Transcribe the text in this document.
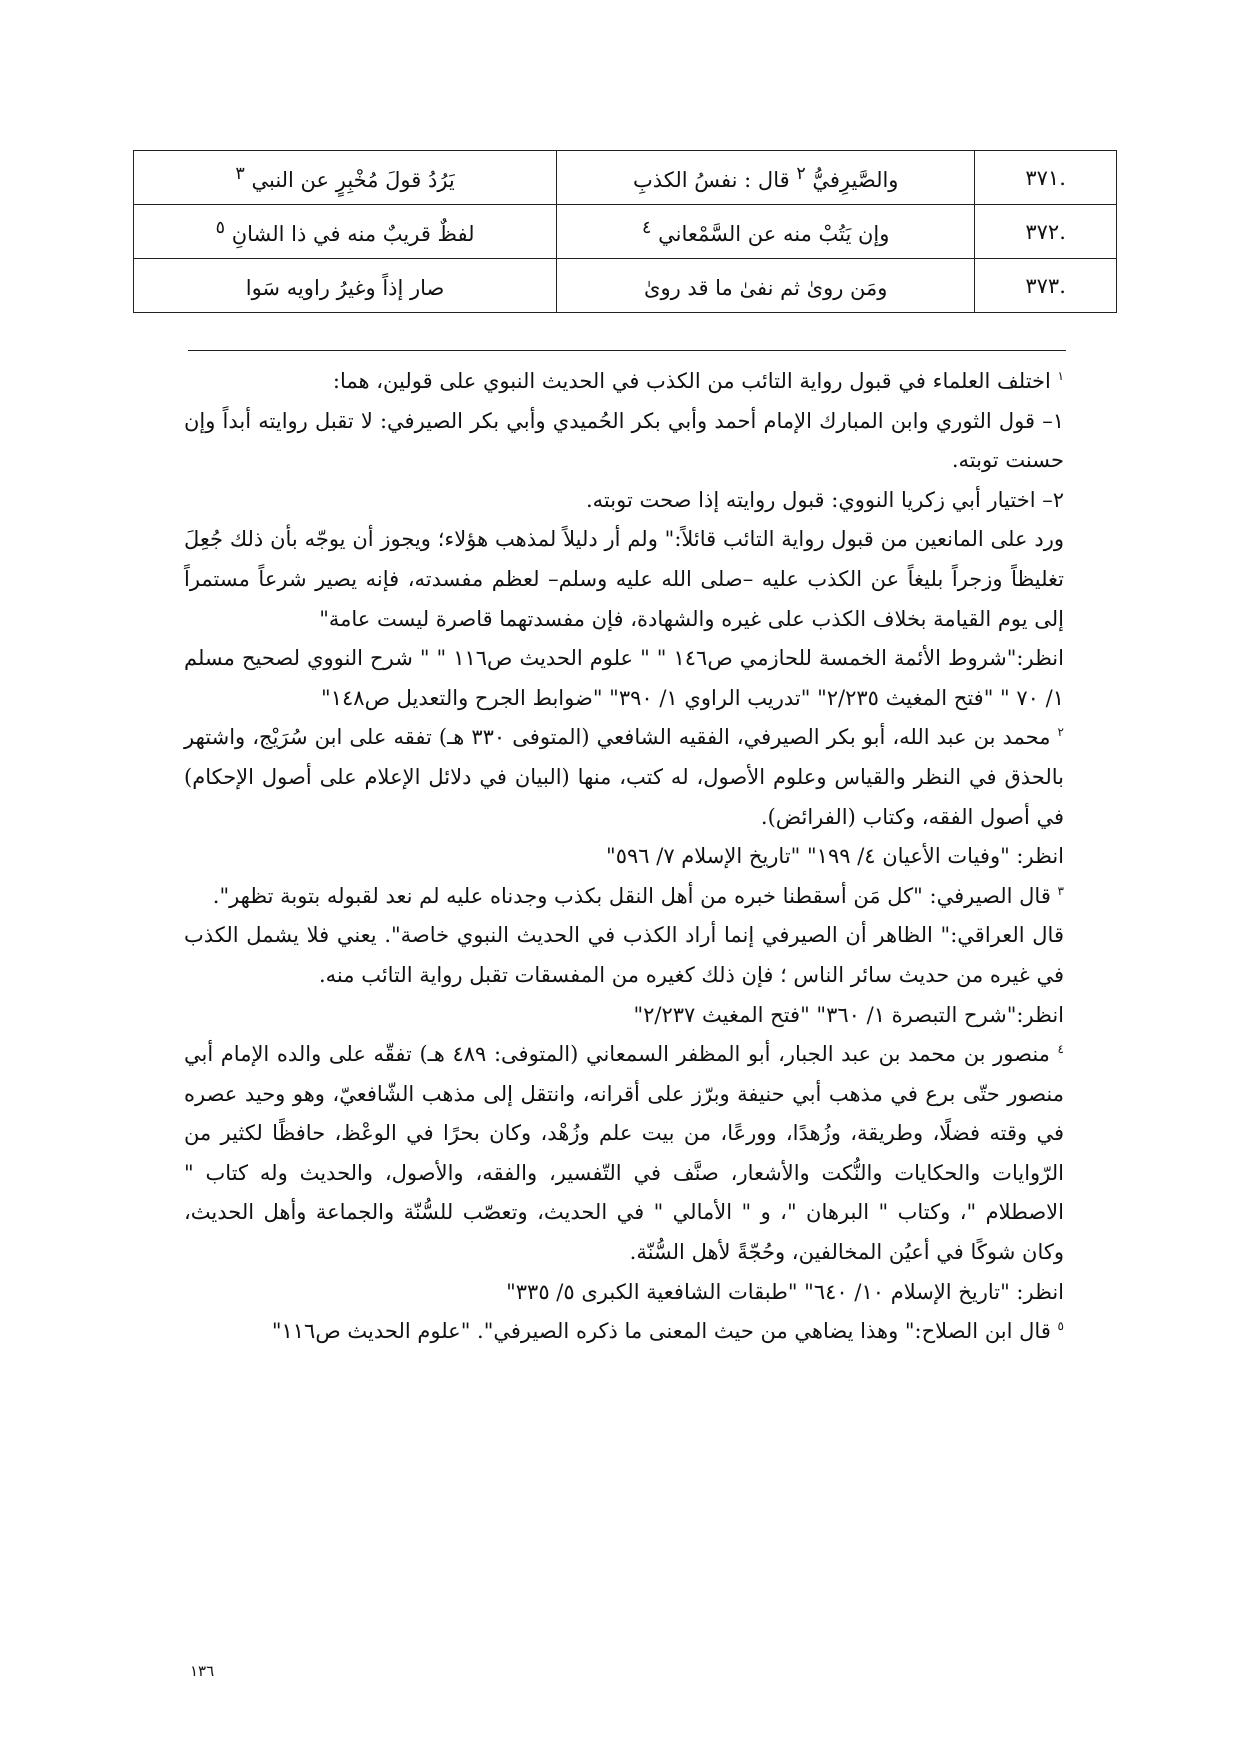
.٣٧١	والصَّيرِفيُّ $^٢$ قال : نفسُ الكذبِ	يَرُدُ قولَ مُخْبِرٍ عن النبي $^٣$
.٣٧٢	وإن يَتُبْ منه عن السَّمْعاني $^٤$	لفظٌ قريبٌ منه في ذا الشانِ $^٥$
.٣٧٣	ومَن روىٰ ثم نفىٰ ما قد روىٰ	صار إذاً وغيرُ راويه سَوا

$^١$ اختلف العلماء في قبول رواية التائب من الكذب في الحديث النبوي على قولين، هما:

١– قول الثوري وابن المبارك الإمام أحمد وأبي بكر الحُميدي وأبي بكر الصيرفي: لا تقبل روايته أبداً وإن حسنت توبته.

٢– اختيار أبي زكريا النووي: قبول روايته إذا صحت توبته.

ورد على المانعين من قبول رواية التائب قائلاً:" ولم أر دليلاً لمذهب هؤلاء؛ ويجوز أن يوجّه بأن ذلك جُعِلَ تغليظاً وزجراً بليغاً عن الكذب عليه –صلى الله عليه وسلم– لعظم مفسدته، فإنه يصير شرعاً مستمراً إلى يوم القيامة بخلاف الكذب على غيره والشهادة، فإن مفسدتهما قاصرة ليست عامة"

انظر:"شروط الأئمة الخمسة للحازمي ص١٤٦ " " علوم الحديث ص١١٦ " " شرح النووي لصحيح مسلم ١/ ٧٠ " "فتح المغيث ٢/٢٣٥" "تدريب الراوي ١/ ٣٩٠" "ضوابط الجرح والتعديل ص١٤٨"

$^٢$ محمد بن عبد الله، أبو بكر الصيرفي، الفقيه الشافعي (المتوفى ٣٣٠ هـ) تفقه على ابن سُرَيْج، واشتهر بالحذق في النظر والقياس وعلوم الأصول، له كتب، منها (البيان في دلائل الإعلام على أصول الإحكام) في أصول الفقه، وكتاب (الفرائض).

انظر: "وفيات الأعيان ٤/ ١٩٩" "تاريخ الإسلام ٧/ ٥٩٦"

$^٣$ قال الصيرفي: "كل مَن أسقطنا خبره من أهل النقل بكذب وجدناه عليه لم نعد لقبوله بتوبة تظهر".

قال العراقي:" الظاهر أن الصيرفي إنما أراد الكذب في الحديث النبوي خاصة". يعني فلا يشمل الكذب في غيره من حديث سائر الناس ؛ فإن ذلك كغيره من المفسقات تقبل رواية التائب منه.

انظر:"شرح التبصرة ١/ ٣٦٠" "فتح المغيث ٢/٢٣٧"

$^٤$ منصور بن محمد بن عبد الجبار، أبو المظفر السمعاني (المتوفى: ٤٨٩ هـ) تفقّه على والده الإمام أبي منصور حتّى برع في مذهب أبي حنيفة وبرّز على أقرانه، وانتقل إلى مذهب الشّافعيّ، وهو وحيد عصره في وقته فضلًا، وطريقة، وزُهدًا، وورعًا، من بيت علم وزُهْد، وكان بحرًا في الوعْظ، حافظًا لكثير من الرّوايات والحكايات والنُّكت والأشعار، صنَّف في التّفسير، والفقه، والأصول، والحديث وله كتاب " الاصطلام "، وكتاب " البرهان "، و " الأمالي " في الحديث، وتعصّب للسُّنّة والجماعة وأهل الحديث، وكان شوكًا في أعيُن المخالفين، وحُجّةً لأهل السُّنّة.

انظر: "تاريخ الإسلام ١٠/ ٦٤٠" "طبقات الشافعية الكبرى ٥/ ٣٣٥"

$^٥$ قال ابن الصلاح:" وهذا يضاهي من حيث المعنى ما ذكره الصيرفي". "علوم الحديث ص١١٦"

١٣٦
